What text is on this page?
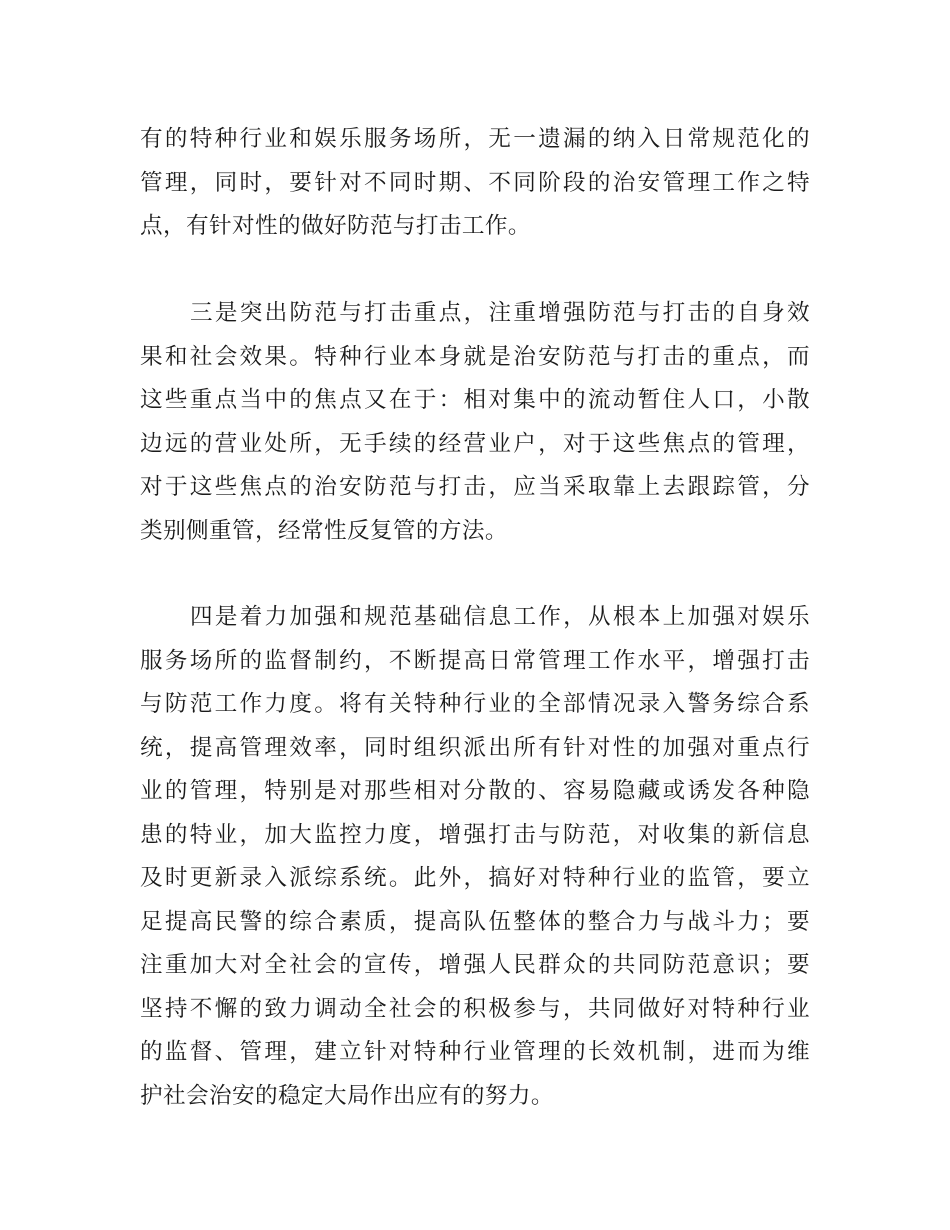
有的特种行业和娱乐服务场所，无一遗漏的纳入日常规范化的
管理，同时，要针对不同时期、不同阶段的治安管理工作之特
点，有针对性的做好防范与打击工作。
三是突出防范与打击重点，注重增强防范与打击的自身效
果和社会效果。特种行业本身就是治安防范与打击的重点，而
这些重点当中的焦点又在于：相对集中的流动暂住人口，小散
边远的营业处所，无手续的经营业户，对于这些焦点的管理，
对于这些焦点的治安防范与打击，应当采取靠上去跟踪管，分
类别侧重管，经常性反复管的方法。
四是着力加强和规范基础信息工作，从根本上加强对娱乐
服务场所的监督制约，不断提高日常管理工作水平，增强打击
与防范工作力度。将有关特种行业的全部情况录入警务综合系
统，提高管理效率，同时组织派出所有针对性的加强对重点行
业的管理，特别是对那些相对分散的、容易隐藏或诱发各种隐
患的特业，加大监控力度，增强打击与防范，对收集的新信息
及时更新录入派综系统。此外，搞好对特种行业的监管，要立
足提高民警的综合素质，提高队伍整体的整合力与战斗力；要
注重加大对全社会的宣传，增强人民群众的共同防范意识；要
坚持不懈的致力调动全社会的积极参与，共同做好对特种行业
的监督、管理，建立针对特种行业管理的长效机制，进而为维
护社会治安的稳定大局作出应有的努力。
